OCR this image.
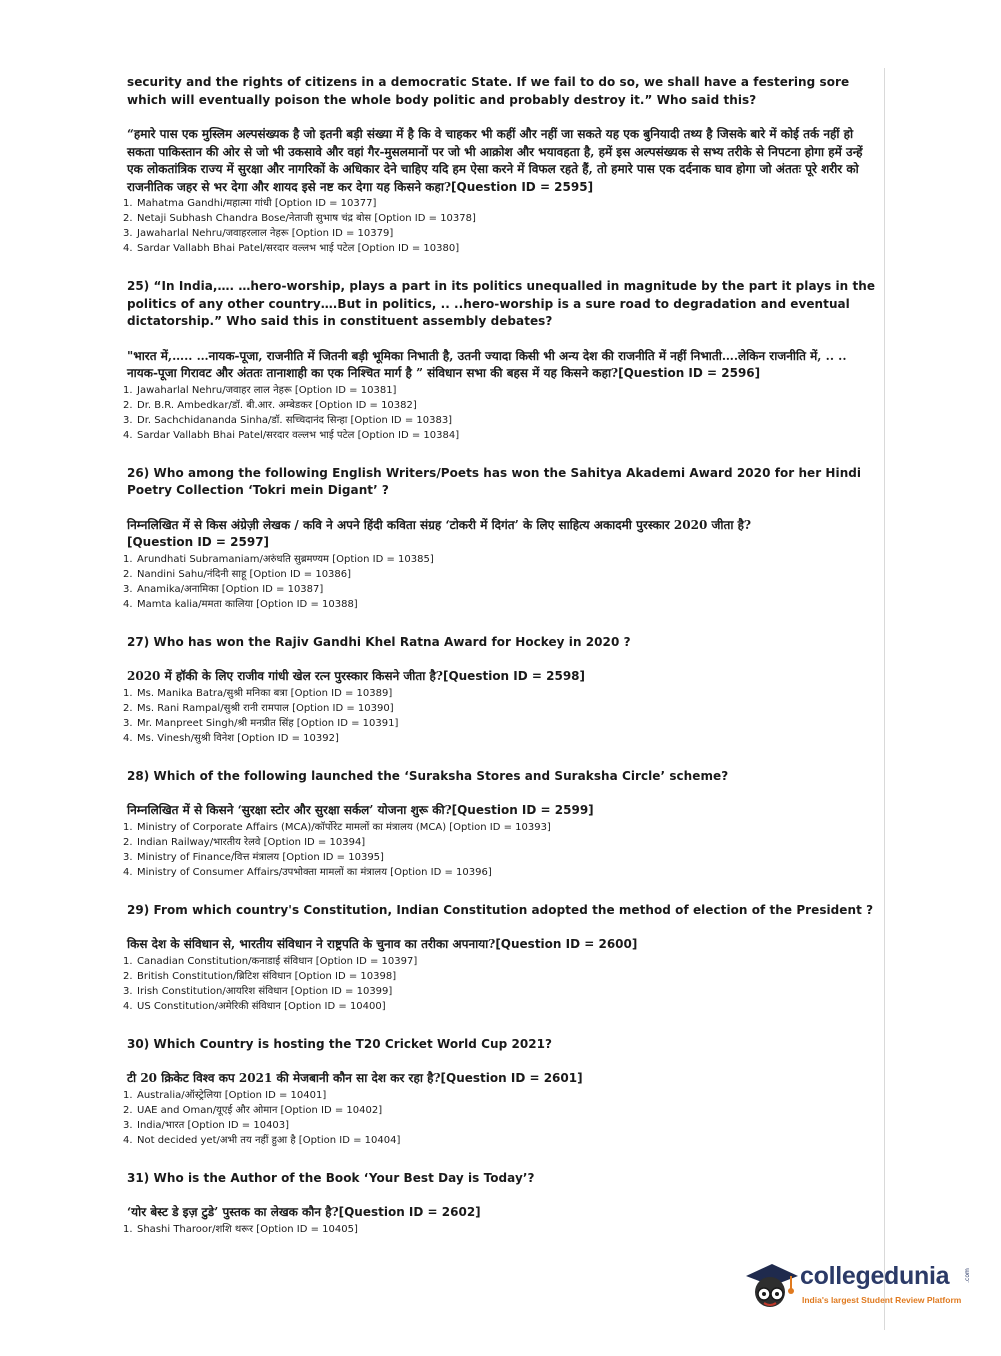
security and the rights of citizens in a democratic State. If we fail to do so, we shall have a festering sore which will eventually poison the whole body politic and probably destroy it.” Who said this?

“हमारे पास एक मुस्लिम अल्पसंख्यक है जो इतनी बड़ी संख्या में है कि वे चाहकर भी कहीं और नहीं जा सकते यह एक बुनियादी तथ्य है जिसके बारे में कोई तर्क नहीं हो सकता पाकिस्तान की ओर से जो भी उकसावे और वहां गैर-मुसलमानों पर जो भी आक्रोश और भयावहता है, हमें इस अल्पसंख्यक से सभ्य तरीके से निपटना होगा हमें उन्हें एक लोकतांत्रिक राज्य में सुरक्षा और नागरिकों के अधिकार देने चाहिए यदि हम ऐसा करने में विफल रहते हैं, तो हमारे पास एक दर्दनाक घाव होगा जो अंततः पूरे शरीर को राजनीतिक जहर से भर देगा और शायद इसे नष्ट कर देगा यह किसने कहा?[Question ID = 2595]

1. Mahatma Gandhi/महात्मा गांधी [Option ID = 10377]
2. Netaji Subhash Chandra Bose/नेताजी सुभाष चंद्र बोस [Option ID = 10378]
3. Jawaharlal Nehru/जवाहरलाल नेहरू [Option ID = 10379]
4. Sardar Vallabh Bhai Patel/सरदार वल्लभ भाई पटेल [Option ID = 10380]

25) “In India,…. …hero-worship, plays a part in its politics unequalled in magnitude by the part it plays in the politics of any other country….But in politics, .. ..hero-worship is a sure road to degradation and eventual dictatorship.” Who said this in constituent assembly debates?

"भारत में,….. …नायक-पूजा, राजनीति में जितनी बड़ी भूमिका निभाती है, उतनी ज्यादा किसी भी अन्य देश की राजनीति में नहीं निभाती….लेकिन राजनीति में, .. .. नायक-पूजा गिरावट और अंततः तानाशाही का एक निश्चित मार्ग है ” संविधान सभा की बहस में यह किसने कहा?[Question ID = 2596]

1. Jawaharlal Nehru/जवाहर लाल नेहरू [Option ID = 10381]
2. Dr. B.R. Ambedkar/डॉ. बी.आर. अम्बेडकर [Option ID = 10382]
3. Dr. Sachchidananda Sinha/डॉ. सच्चिदानंद सिन्हा [Option ID = 10383]
4. Sardar Vallabh Bhai Patel/सरदार वल्लभ भाई पटेल [Option ID = 10384]

26) Who among the following English Writers/Poets has won the Sahitya Akademi Award 2020 for her Hindi Poetry Collection ‘Tokri mein Digant’ ?

निम्नलिखित में से किस अंग्रेज़ी लेखक / कवि ने अपने हिंदी कविता संग्रह ‘टोकरी में दिगंत’ के लिए साहित्य अकादमी पुरस्कार 2020 जीता है?
[Question ID = 2597]

1. Arundhati Subramaniam/अरुंधति सुब्रमण्यम [Option ID = 10385]
2. Nandini Sahu/नंदिनी साहू [Option ID = 10386]
3. Anamika/अनामिका [Option ID = 10387]
4. Mamta kalia/ममता कालिया [Option ID = 10388]

27) Who has won the Rajiv Gandhi Khel Ratna Award for Hockey in 2020 ?

2020 में हॉकी के लिए राजीव गांधी खेल रत्न पुरस्कार किसने जीता है?[Question ID = 2598]

1. Ms. Manika Batra/सुश्री मनिका बत्रा [Option ID = 10389]
2. Ms. Rani Rampal/सुश्री रानी रामपाल [Option ID = 10390]
3. Mr. Manpreet Singh/श्री मनप्रीत सिंह [Option ID = 10391]
4. Ms. Vinesh/सुश्री विनेश [Option ID = 10392]

28) Which of the following launched the ‘Suraksha Stores and Suraksha Circle’ scheme?

निम्नलिखित में से किसने ‘सुरक्षा स्टोर और सुरक्षा सर्कल’ योजना शुरू की?[Question ID = 2599]

1. Ministry of Corporate Affairs (MCA)/कॉर्पोरेट मामलों का मंत्रालय (MCA) [Option ID = 10393]
2. Indian Railway/भारतीय रेलवे [Option ID = 10394]
3. Ministry of Finance/वित्त मंत्रालय [Option ID = 10395]
4. Ministry of Consumer Affairs/उपभोक्ता मामलों का मंत्रालय [Option ID = 10396]

29) From which country's Constitution, Indian Constitution adopted the method of election of the President ?

किस देश के संविधान से, भारतीय संविधान ने राष्ट्रपति के चुनाव का तरीका अपनाया?[Question ID = 2600]

1. Canadian Constitution/कनाडाई संविधान [Option ID = 10397]
2. British Constitution/ब्रिटिश संविधान [Option ID = 10398]
3. Irish Constitution/आयरिश संविधान [Option ID = 10399]
4. US Constitution/अमेरिकी संविधान [Option ID = 10400]

30) Which Country is hosting the T20 Cricket World Cup 2021?

टी 20 क्रिकेट विश्व कप 2021 की मेजबानी कौन सा देश कर रहा है?[Question ID = 2601]

1. Australia/ऑस्ट्रेलिया [Option ID = 10401]
2. UAE and Oman/यूएई और ओमान [Option ID = 10402]
3. India/भारत [Option ID = 10403]
4. Not decided yet/अभी तय नहीं हुआ है [Option ID = 10404]

31) Who is the Author of the Book ‘Your Best Day is Today’?

‘योर बेस्ट डे इज़ टुडे’ पुस्तक का लेखक कौन है?[Question ID = 2602]

1. Shashi Tharoor/शशि थरूर [Option ID = 10405]
collegedunia .com
India's largest Student Review Platform
